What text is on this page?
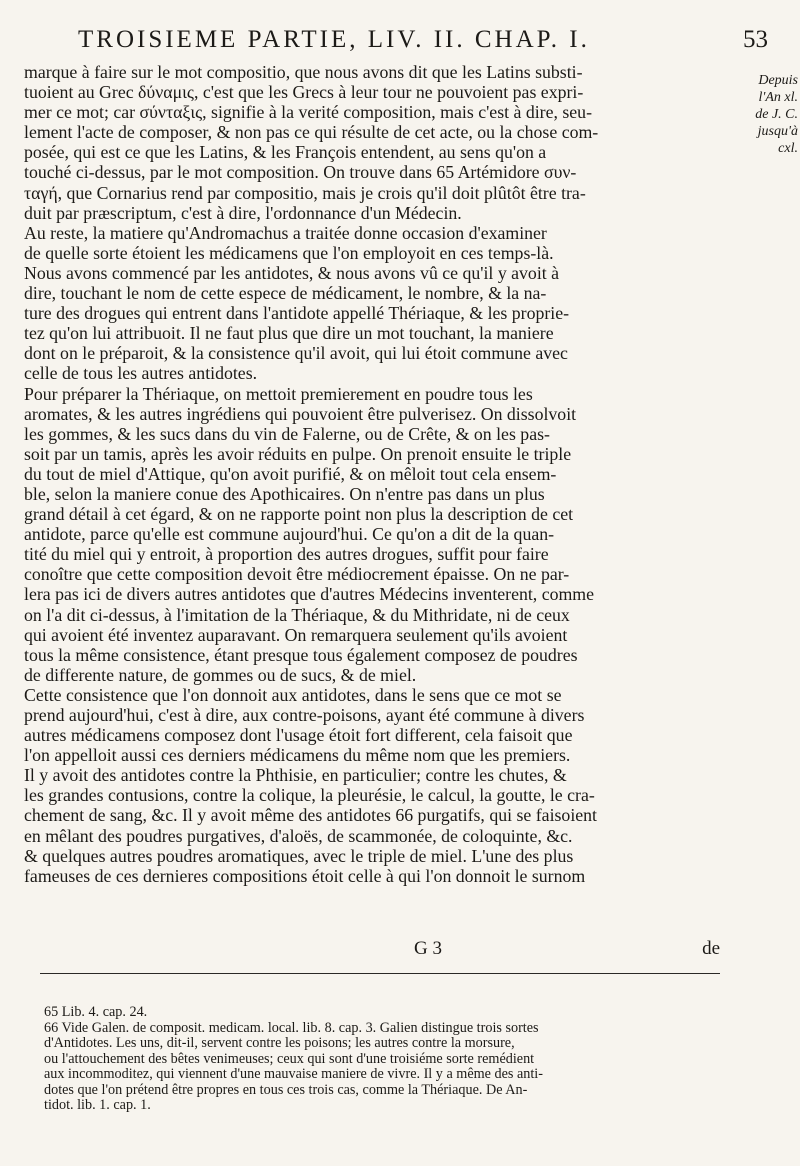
TROISIEME PARTIE, LIV. II. CHAP. I.	53
Depuis
l'An xl.
de J. C.
jusqu'à
cxl.
marque à faire sur le mot compositio, que nous avons dit que les Latins substi-
tuoient au Grec δύναμις, c'est que les Grecs à leur tour ne pouvoient pas expri-
mer ce mot; car σύνταξις, signifie à la verité composition, mais c'est à dire, seu-
lement l'acte de composer, & non pas ce qui résulte de cet acte, ou la chose com-
posée, qui est ce que les Latins, & les François entendent, au sens qu'on a
touché ci-dessus, par le mot composition. On trouve dans 65 Artémidore συν-
ταγή, que Cornarius rend par compositio, mais je crois qu'il doit plûtôt être tra-
duit par præscriptum, c'est à dire, l'ordonnance d'un Médecin.
Au reste, la matiere qu'Andromachus a traitée donne occasion d'examiner
de quelle sorte étoient les médicamens que l'on employoit en ces temps-là.
Nous avons commencé par les antidotes, & nous avons vû ce qu'il y avoit à
dire, touchant le nom de cette espece de médicament, le nombre, & la na-
ture des drogues qui entrent dans l'antidote appellé Thériaque, & les proprie-
tez qu'on lui attribuoit. Il ne faut plus que dire un mot touchant, la maniere
dont on le préparoit, & la consistence qu'il avoit, qui lui étoit commune avec
celle de tous les autres antidotes.
Pour préparer la Thériaque, on mettoit premierement en poudre tous les
aromates, & les autres ingrédiens qui pouvoient être pulverisez. On dissolvoit
les gommes, & les sucs dans du vin de Falerne, ou de Crête, & on les pas-
soit par un tamis, après les avoir réduits en pulpe. On prenoit ensuite le triple
du tout de miel d'Attique, qu'on avoit purifié, & on mêloit tout cela ensem-
ble, selon la maniere conue des Apothicaires. On n'entre pas dans un plus
grand détail à cet égard, & on ne rapporte point non plus la description de cet
antidote, parce qu'elle est commune aujourd'hui. Ce qu'on a dit de la quan-
tité du miel qui y entroit, à proportion des autres drogues, suffit pour faire
conoître que cette composition devoit être médiocrement épaisse. On ne par-
lera pas ici de divers autres antidotes que d'autres Médecins inventerent, comme
on l'a dit ci-dessus, à l'imitation de la Thériaque, & du Mithridate, ni de ceux
qui avoient été inventez auparavant. On remarquera seulement qu'ils avoient
tous la même consistence, étant presque tous également composez de poudres
de differente nature, de gommes ou de sucs, & de miel.
Cette consistence que l'on donnoit aux antidotes, dans le sens que ce mot se
prend aujourd'hui, c'est à dire, aux contre-poisons, ayant été commune à divers
autres médicamens composez dont l'usage étoit fort different, cela faisoit que
l'on appelloit aussi ces derniers médicamens du même nom que les premiers.
Il y avoit des antidotes contre la Phthisie, en particulier; contre les chutes, &
les grandes contusions, contre la colique, la pleurésie, le calcul, la goutte, le cra-
chement de sang, &c. Il y avoit même des antidotes 66 purgatifs, qui se faisoient
en mêlant des poudres purgatives, d'aloës, de scammonée, de coloquinte, &c.
& quelques autres poudres aromatiques, avec le triple de miel. L'une des plus
fameuses de ces dernieres compositions étoit celle à qui l'on donnoit le surnom
G 3	de
65 Lib. 4. cap. 24.
66 Vide Galen. de composit. medicam. local. lib. 8. cap. 3. Galien distingue trois sortes
d'Antidotes. Les uns, dit-il, servent contre les poisons; les autres contre la morsure,
ou l'attouchement des bêtes venimeuses; ceux qui sont d'une troisiéme sorte remédient
aux incommoditez, qui viennent d'une mauvaise maniere de vivre. Il y a même des anti-
dotes que l'on prétend être propres en tous ces trois cas, comme la Thériaque. De An-
tidot. lib. 1. cap. 1.
